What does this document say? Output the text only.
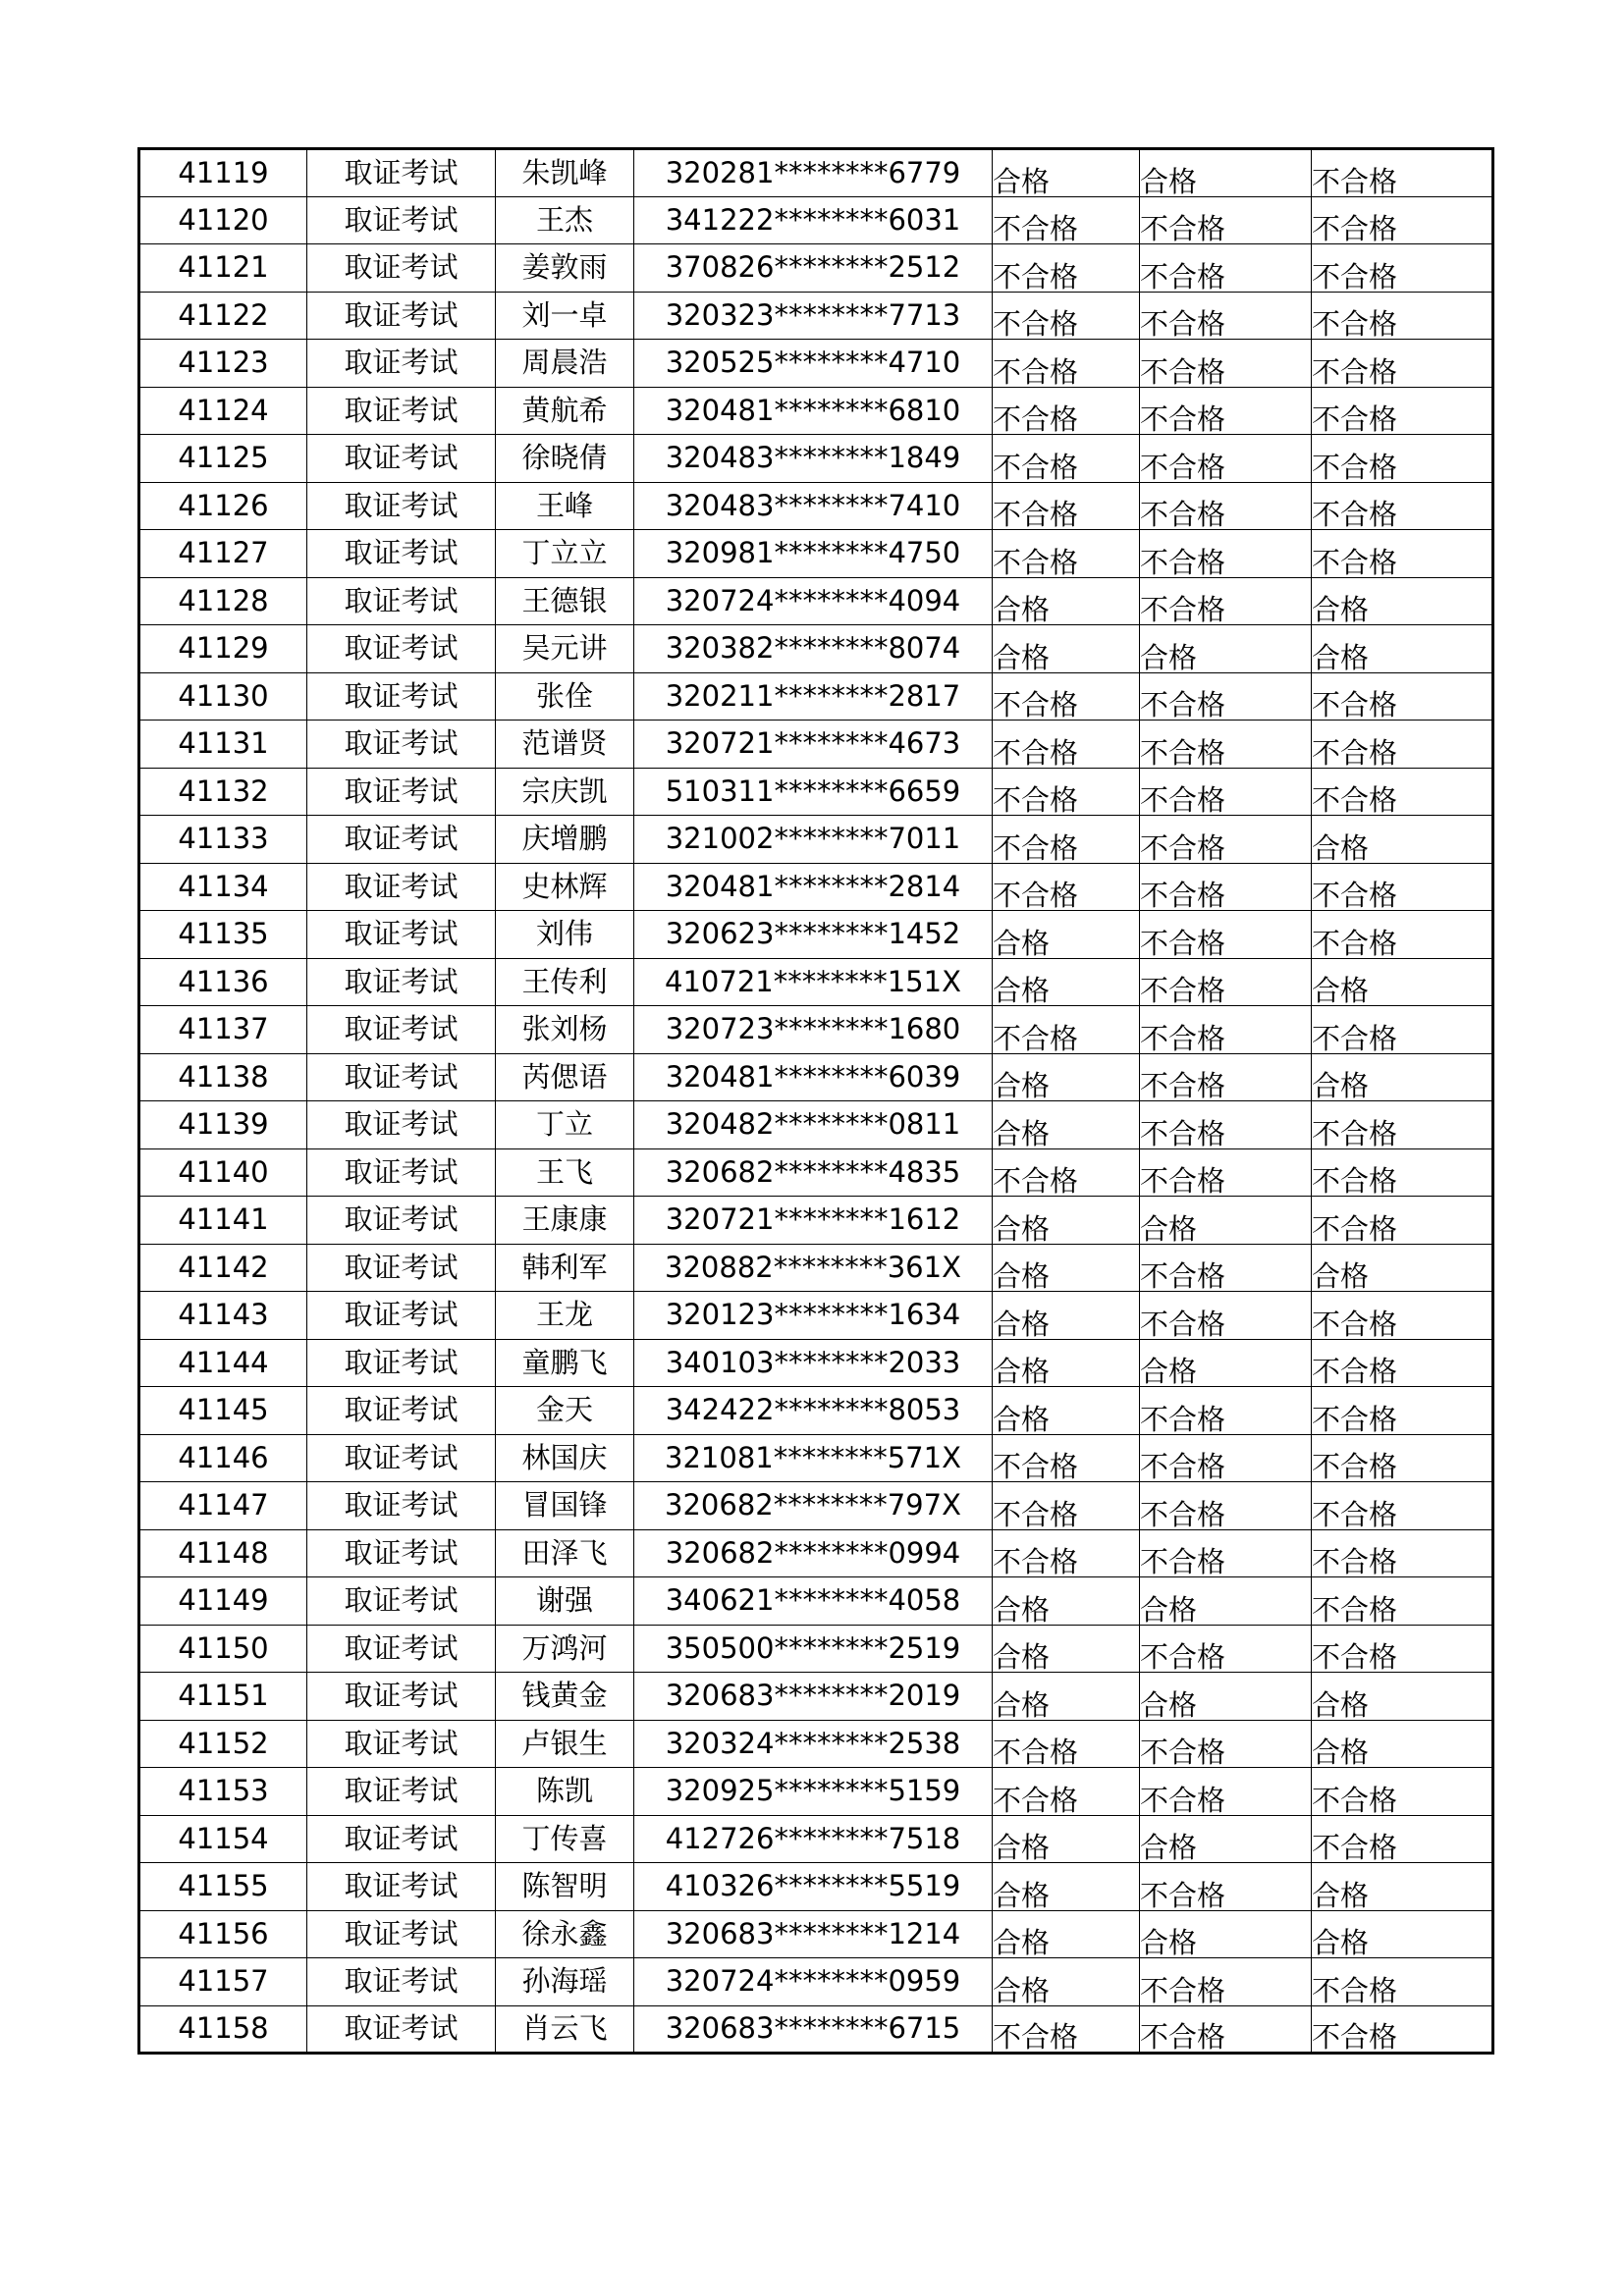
41119	取证考试	朱凯峰	320281********6779	合格	合格	不合格
41120	取证考试	王杰	341222********6031	不合格	不合格	不合格
41121	取证考试	姜敦雨	370826********2512	不合格	不合格	不合格
41122	取证考试	刘一卓	320323********7713	不合格	不合格	不合格
41123	取证考试	周晨浩	320525********4710	不合格	不合格	不合格
41124	取证考试	黄航希	320481********6810	不合格	不合格	不合格
41125	取证考试	徐晓倩	320483********1849	不合格	不合格	不合格
41126	取证考试	王峰	320483********7410	不合格	不合格	不合格
41127	取证考试	丁立立	320981********4750	不合格	不合格	不合格
41128	取证考试	王德银	320724********4094	合格	不合格	合格
41129	取证考试	吴元讲	320382********8074	合格	合格	合格
41130	取证考试	张佺	320211********2817	不合格	不合格	不合格
41131	取证考试	范谱贤	320721********4673	不合格	不合格	不合格
41132	取证考试	宗庆凯	510311********6659	不合格	不合格	不合格
41133	取证考试	庆增鹏	321002********7011	不合格	不合格	合格
41134	取证考试	史林辉	320481********2814	不合格	不合格	不合格
41135	取证考试	刘伟	320623********1452	合格	不合格	不合格
41136	取证考试	王传利	410721********151X	合格	不合格	合格
41137	取证考试	张刘杨	320723********1680	不合格	不合格	不合格
41138	取证考试	芮偲语	320481********6039	合格	不合格	合格
41139	取证考试	丁立	320482********0811	合格	不合格	不合格
41140	取证考试	王飞	320682********4835	不合格	不合格	不合格
41141	取证考试	王康康	320721********1612	合格	合格	不合格
41142	取证考试	韩利军	320882********361X	合格	不合格	合格
41143	取证考试	王龙	320123********1634	合格	不合格	不合格
41144	取证考试	童鹏飞	340103********2033	合格	合格	不合格
41145	取证考试	金天	342422********8053	合格	不合格	不合格
41146	取证考试	林国庆	321081********571X	不合格	不合格	不合格
41147	取证考试	冒国锋	320682********797X	不合格	不合格	不合格
41148	取证考试	田泽飞	320682********0994	不合格	不合格	不合格
41149	取证考试	谢强	340621********4058	合格	合格	不合格
41150	取证考试	万鸿河	350500********2519	合格	不合格	不合格
41151	取证考试	钱黄金	320683********2019	合格	合格	合格
41152	取证考试	卢银生	320324********2538	不合格	不合格	合格
41153	取证考试	陈凯	320925********5159	不合格	不合格	不合格
41154	取证考试	丁传喜	412726********7518	合格	合格	不合格
41155	取证考试	陈智明	410326********5519	合格	不合格	合格
41156	取证考试	徐永鑫	320683********1214	合格	合格	合格
41157	取证考试	孙海瑶	320724********0959	合格	不合格	不合格
41158	取证考试	肖云飞	320683********6715	不合格	不合格	不合格
